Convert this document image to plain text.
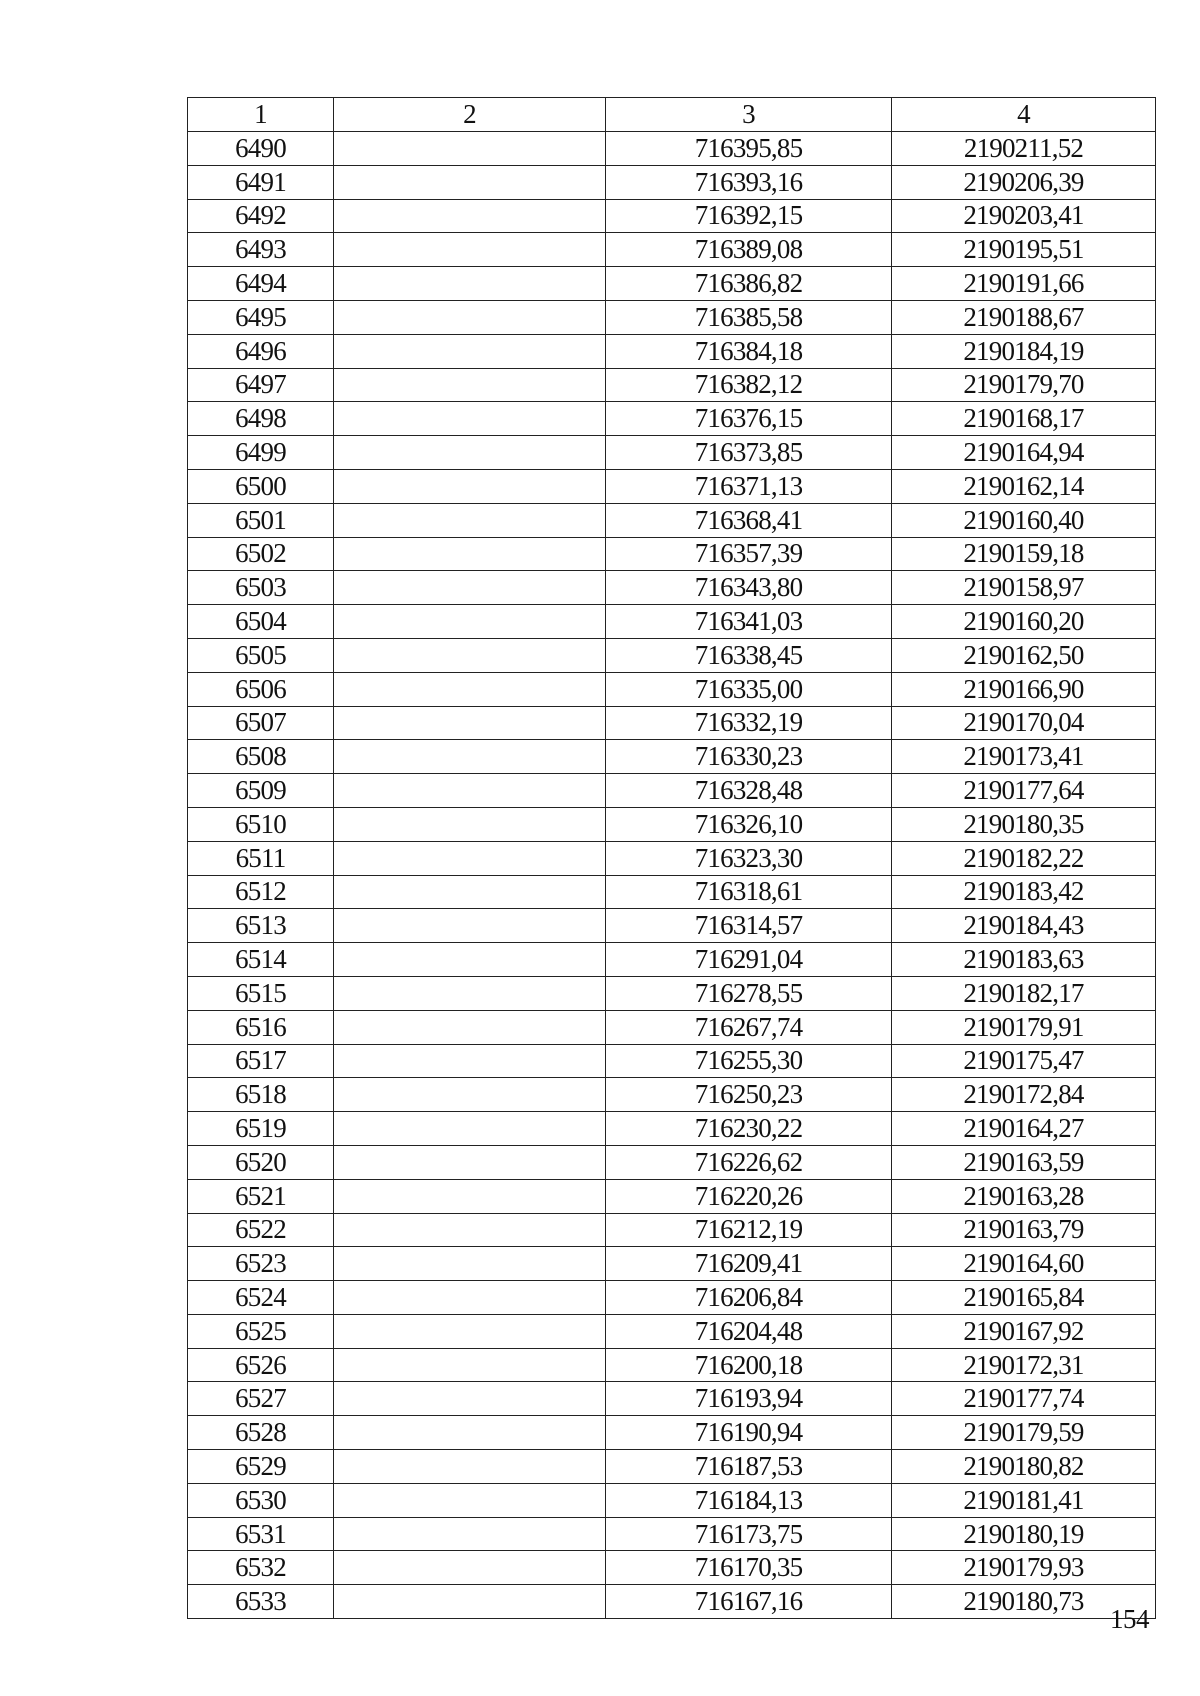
1	2	3	4
6490		716395,85	2190211,52
6491		716393,16	2190206,39
6492		716392,15	2190203,41
6493		716389,08	2190195,51
6494		716386,82	2190191,66
6495		716385,58	2190188,67
6496		716384,18	2190184,19
6497		716382,12	2190179,70
6498		716376,15	2190168,17
6499		716373,85	2190164,94
6500		716371,13	2190162,14
6501		716368,41	2190160,40
6502		716357,39	2190159,18
6503		716343,80	2190158,97
6504		716341,03	2190160,20
6505		716338,45	2190162,50
6506		716335,00	2190166,90
6507		716332,19	2190170,04
6508		716330,23	2190173,41
6509		716328,48	2190177,64
6510		716326,10	2190180,35
6511		716323,30	2190182,22
6512		716318,61	2190183,42
6513		716314,57	2190184,43
6514		716291,04	2190183,63
6515		716278,55	2190182,17
6516		716267,74	2190179,91
6517		716255,30	2190175,47
6518		716250,23	2190172,84
6519		716230,22	2190164,27
6520		716226,62	2190163,59
6521		716220,26	2190163,28
6522		716212,19	2190163,79
6523		716209,41	2190164,60
6524		716206,84	2190165,84
6525		716204,48	2190167,92
6526		716200,18	2190172,31
6527		716193,94	2190177,74
6528		716190,94	2190179,59
6529		716187,53	2190180,82
6530		716184,13	2190181,41
6531		716173,75	2190180,19
6532		716170,35	2190179,93
6533		716167,16	2190180,73
154
